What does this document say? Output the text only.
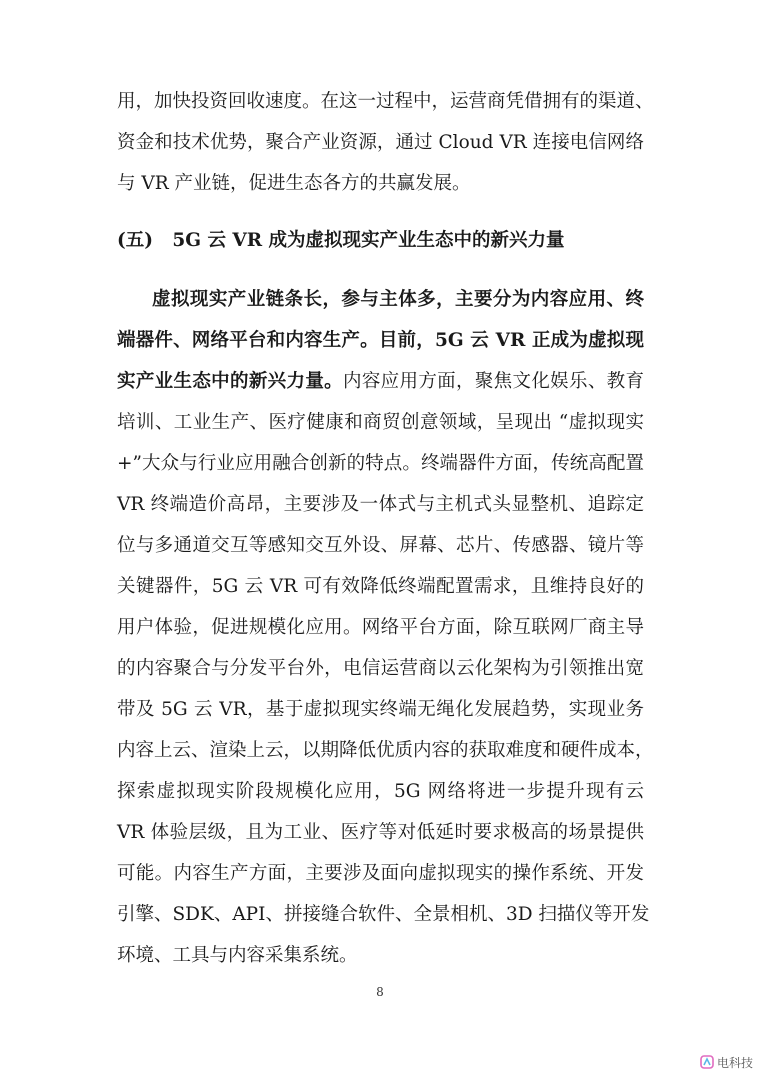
用，加快投资回收速度。在这一过程中，运营商凭借拥有的渠道、
资金和技术优势，聚合产业资源，通过 Cloud VR 连接电信网络
与 VR 产业链，促进生态各方的共赢发展。
(五)   5G 云 VR 成为虚拟现实产业生态中的新兴力量
虚拟现实产业链条长，参与主体多，主要分为内容应用、终
端器件、网络平台和内容生产。目前，5G 云 VR 正成为虚拟现
实产业生态中的新兴力量。内容应用方面，聚焦文化娱乐、教育
培训、工业生产、医疗健康和商贸创意领域，呈现出 “虚拟现实
+”大众与行业应用融合创新的特点。终端器件方面，传统高配置
VR 终端造价高昂，主要涉及一体式与主机式头显整机、追踪定
位与多通道交互等感知交互外设、屏幕、芯片、传感器、镜片等
关键器件，5G 云 VR 可有效降低终端配置需求，且维持良好的
用户体验，促进规模化应用。网络平台方面，除互联网厂商主导
的内容聚合与分发平台外，电信运营商以云化架构为引领推出宽
带及 5G 云 VR，基于虚拟现实终端无绳化发展趋势，实现业务
内容上云、渲染上云，以期降低优质内容的获取难度和硬件成本，
探索虚拟现实阶段规模化应用，5G 网络将进一步提升现有云
VR 体验层级，且为工业、医疗等对低延时要求极高的场景提供
可能。内容生产方面，主要涉及面向虚拟现实的操作系统、开发
引擎、SDK、API、拼接缝合软件、全景相机、3D 扫描仪等开发
环境、工具与内容采集系统。
8
电科技
